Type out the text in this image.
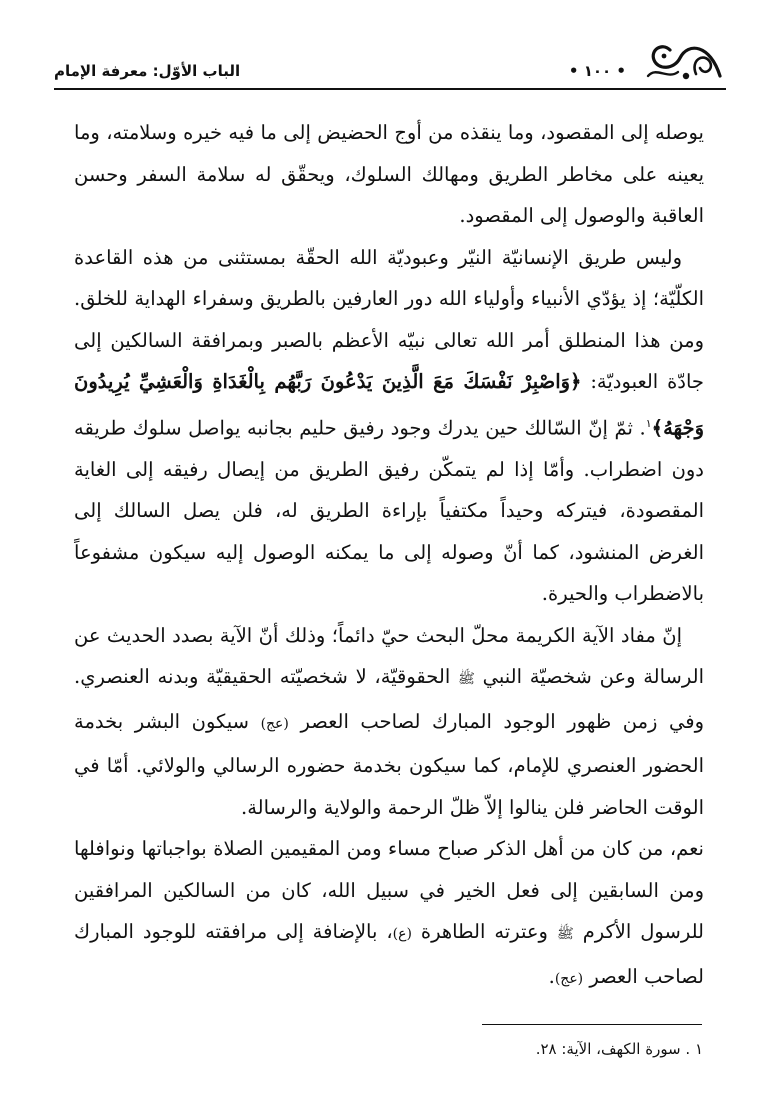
• ١٠٠ •
الباب الأوّل: معرفة الإمام

يوصله إلى المقصود، وما ينقذه من أوج الحضيض إلى ما فيه خيره وسلامته، وما يعينه على مخاطر الطريق ومهالك السلوك، ويحقّق له سلامة السفر وحسن العاقبة والوصول إلى المقصود.

وليس طريق الإنسانيّة النيّر وعبوديّة الله الحقّة بمستثنى من هذه القاعدة الكلّيّة؛ إذ يؤدّي الأنبياء وأولياء الله دور العارفين بالطريق وسفراء الهداية للخلق. ومن هذا المنطلق أمر الله تعالى نبيّه الأعظم بالصبر وبمرافقة السالكين إلى جادّة العبوديّة: ﴿وَاصْبِرْ نَفْسَكَ مَعَ الَّذِينَ يَدْعُونَ رَبَّهُم بِالْغَدَاةِ وَالْعَشِيِّ يُرِيدُونَ وَجْهَهُ﴾$^١$. ثمّ إنّ السّالك حين يدرك وجود رفيق حليم بجانبه يواصل سلوك طريقه دون اضطراب. وأمّا إذا لم يتمكّن رفيق الطريق من إيصال رفيقه إلى الغاية المقصودة، فيتركه وحيداً مكتفياً بإراءة الطريق له، فلن يصل السالك إلى الغرض المنشود، كما أنّ وصوله إلى ما يمكنه الوصول إليه سيكون مشفوعاً بالاضطراب والحيرة.

إنّ مفاد الآية الكريمة محلّ البحث حيّ دائماً؛ وذلك أنّ الآية بصدد الحديث عن الرسالة وعن شخصيّة النبي ﷺ الحقوقيّة، لا شخصيّته الحقيقيّة وبدنه العنصري. وفي زمن ظهور الوجود المبارك لصاحب العصر (عج) سيكون البشر بخدمة الحضور العنصري للإمام، كما سيكون بخدمة حضوره الرسالي والولائي. أمّا في الوقت الحاضر فلن ينالوا إلاّ ظلّ الرحمة والولاية والرسالة.

نعم، من كان من أهل الذكر صباح مساء ومن المقيمين الصلاة بواجباتها ونوافلها ومن السابقين إلى فعل الخير في سبيل الله، كان من السالكين المرافقين للرسول الأكرم ﷺ وعترته الطاهرة (ع)، بالإضافة إلى مرافقته للوجود المبارك لصاحب العصر (عج).

١ . سورة الكهف، الآية: ٢٨.
